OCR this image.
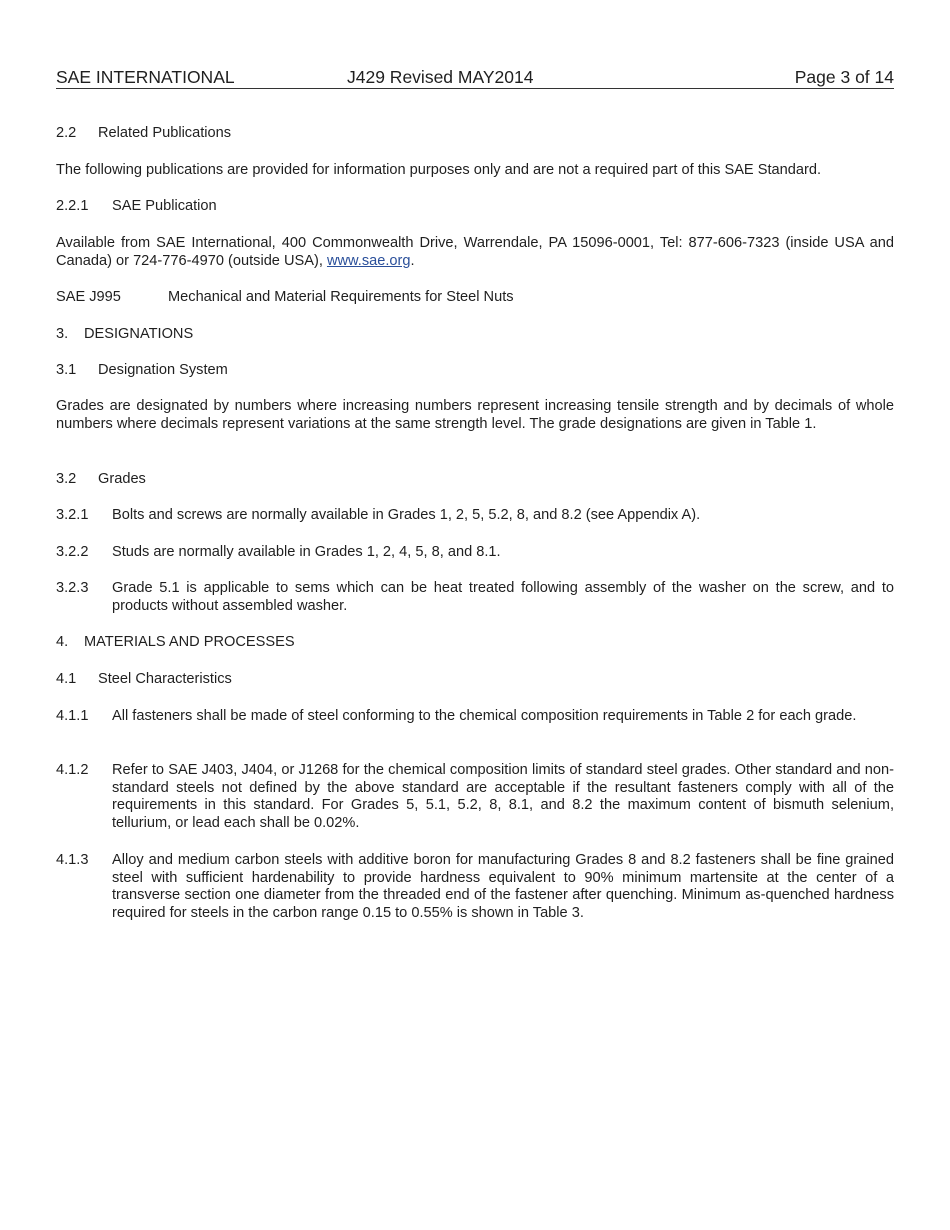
SAE INTERNATIONAL	J429 Revised MAY2014	Page 3 of 14

2.2 Related Publications

The following publications are provided for information purposes only and are not a required part of this SAE Standard.

2.2.1 SAE Publication

Available from SAE International, 400 Commonwealth Drive, Warrendale, PA 15096-0001, Tel: 877-606-7323 (inside USA and Canada) or 724-776-4970 (outside USA), www.sae.org.

SAE J995	Mechanical and Material Requirements for Steel Nuts

3. DESIGNATIONS

3.1 Designation System

Grades are designated by numbers where increasing numbers represent increasing tensile strength and by decimals of whole numbers where decimals represent variations at the same strength level. The grade designations are given in Table 1.

3.2 Grades

3.2.1 Bolts and screws are normally available in Grades 1, 2, 5, 5.2, 8, and 8.2 (see Appendix A).
3.2.2 Studs are normally available in Grades 1, 2, 4, 5, 8, and 8.1.
3.2.3 Grade 5.1 is applicable to sems which can be heat treated following assembly of the washer on the screw, and to products without assembled washer.

4. MATERIALS AND PROCESSES

4.1 Steel Characteristics

4.1.1 All fasteners shall be made of steel conforming to the chemical composition requirements in Table 2 for each grade.
4.1.2 Refer to SAE J403, J404, or J1268 for the chemical composition limits of standard steel grades. Other standard and non-standard steels not defined by the above standard are acceptable if the resultant fasteners comply with all of the requirements in this standard. For Grades 5, 5.1, 5.2, 8, 8.1, and 8.2 the maximum content of bismuth selenium, tellurium, or lead each shall be 0.02%.
4.1.3 Alloy and medium carbon steels with additive boron for manufacturing Grades 8 and 8.2 fasteners shall be fine grained steel with sufficient hardenability to provide hardness equivalent to 90% minimum martensite at the center of a transverse section one diameter from the threaded end of the fastener after quenching. Minimum as-quenched hardness required for steels in the carbon range 0.15 to 0.55% is shown in Table 3.
